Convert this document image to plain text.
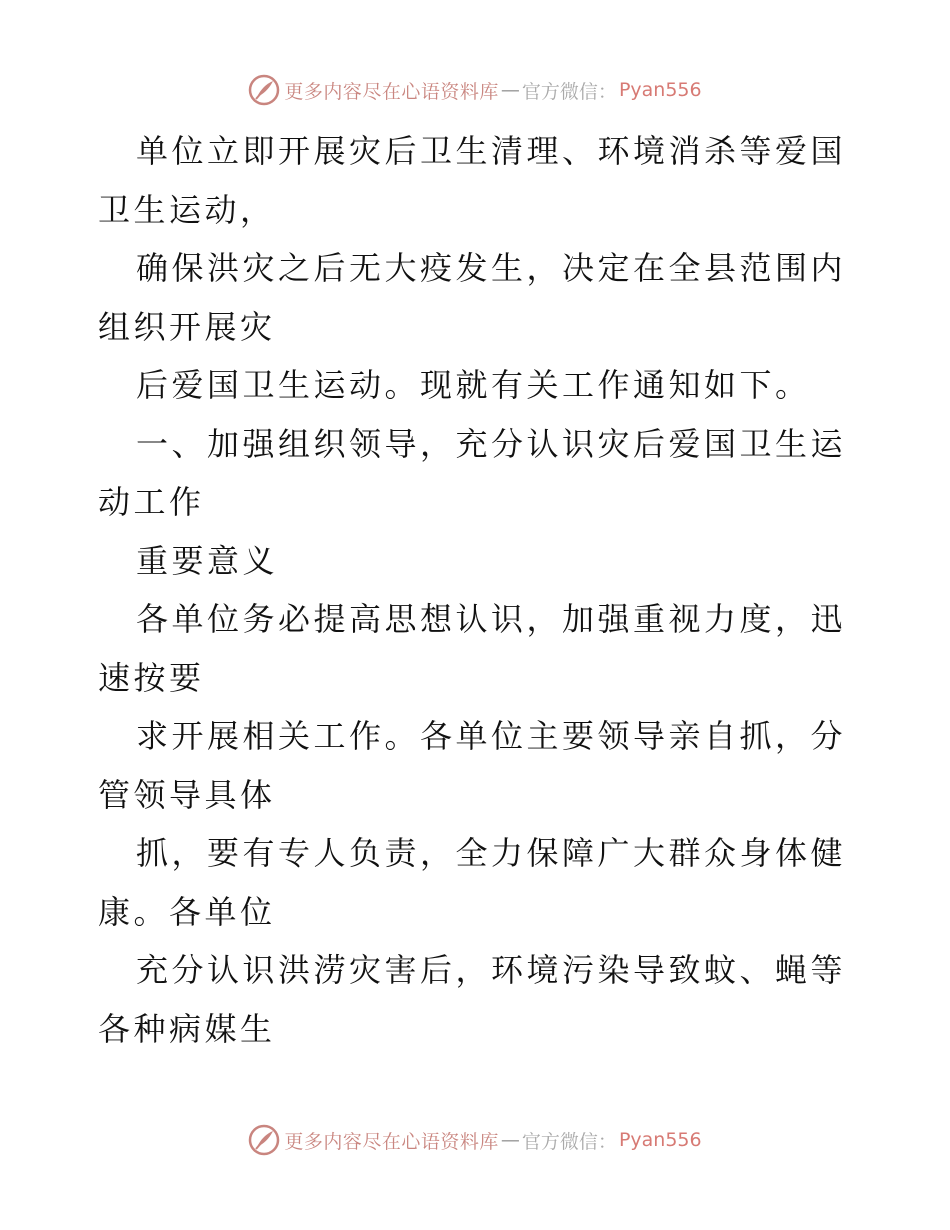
更多内容尽在心语资料库 — 官方微信： Pyan556

单位立即开展灾后卫生清理、环境消杀等爱国卫生运动，

确保洪灾之后无大疫发生，决定在全县范围内组织开展灾

后爱国卫生运动。现就有关工作通知如下。

一、加强组织领导，充分认识灾后爱国卫生运动工作

重要意义

各单位务必提高思想认识，加强重视力度，迅速按要

求开展相关工作。各单位主要领导亲自抓，分管领导具体

抓，要有专人负责，全力保障广大群众身体健康。各单位

充分认识洪涝灾害后，环境污染导致蚊、蝇等各种病媒生

更多内容尽在心语资料库 — 官方微信： Pyan556
